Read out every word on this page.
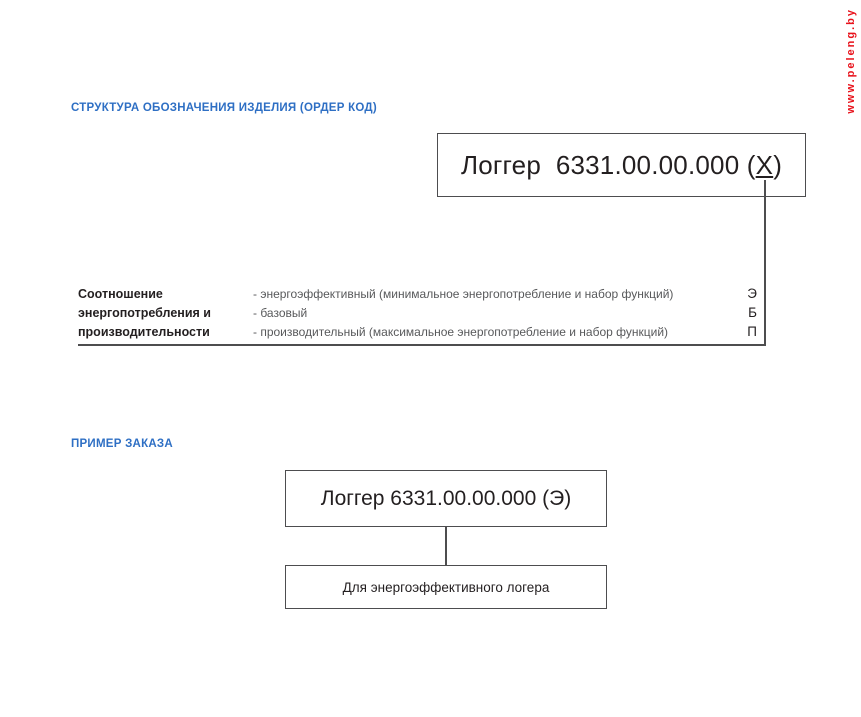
СТРУКТУРА ОБОЗНАЧЕНИЯ ИЗДЕЛИЯ (ОРДЕР КОД)
Логгер  6331.00.00.000 (X)
Соотношение	- энергоэффективный (минимальное энергопотребление и набор функций)	Э
энергопотребления и	- базовый	Б
производительности	- производительный (максимальное энергопотребление и набор функций)	П
ПРИМЕР ЗАКАЗА
Логгер 6331.00.00.000 (Э)
Для энергоэффективного логера
www.peleng.by
